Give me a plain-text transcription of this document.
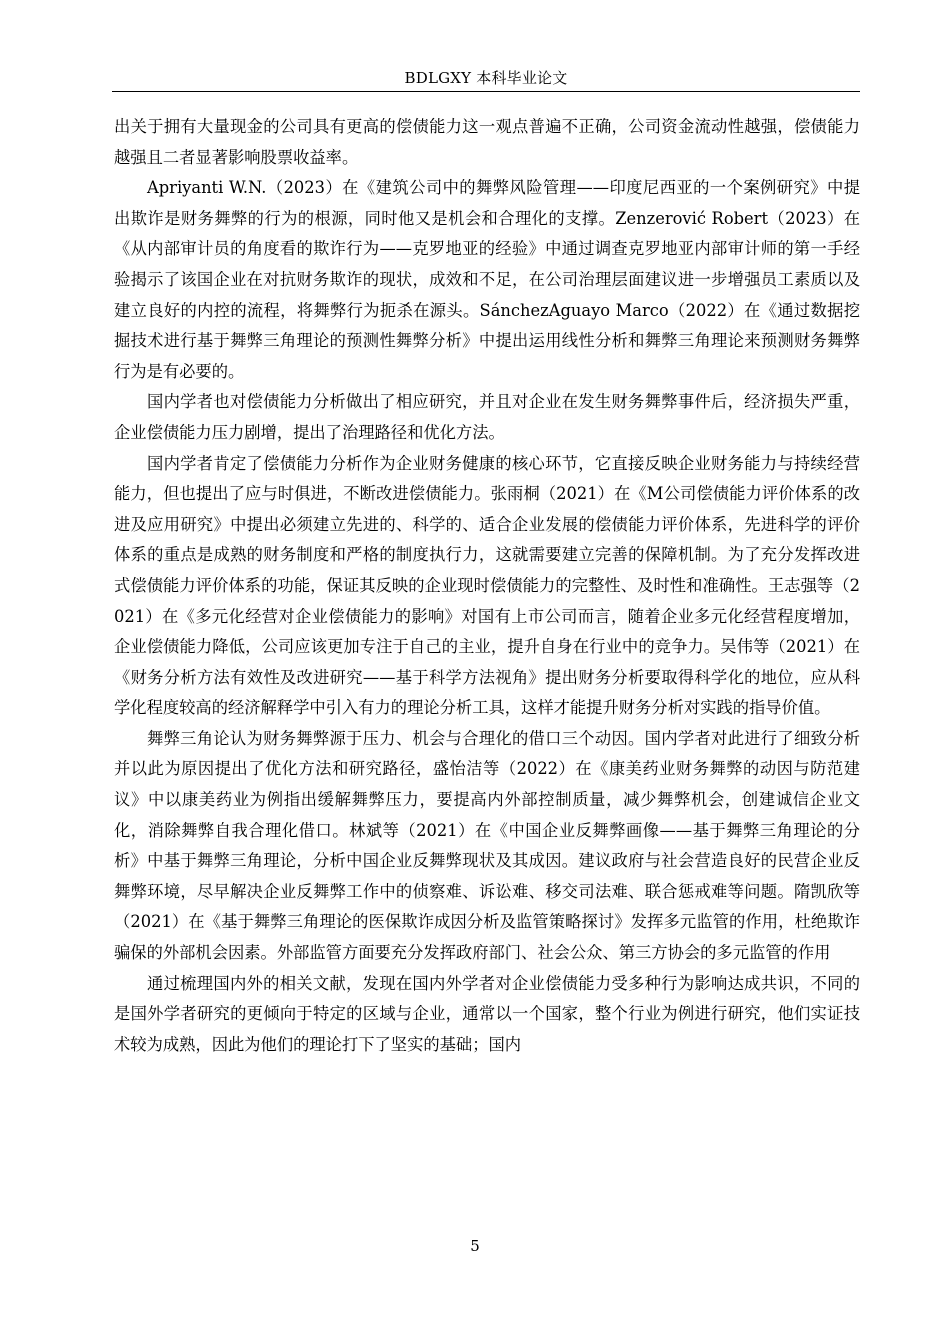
BDLGXY 本科毕业论文

出关于拥有大量现金的公司具有更高的偿债能力这一观点普遍不正确，公司资金流动性越强，偿债能力越强且二者显著影响股票收益率。

Apriyanti W.N.（2023）在《建筑公司中的舞弊风险管理——印度尼西亚的一个案例研究》中提出欺诈是财务舞弊的行为的根源，同时他又是机会和合理化的支撑。Zenzerović Robert（2023）在《从内部审计员的角度看的欺诈行为——克罗地亚的经验》中通过调查克罗地亚内部审计师的第一手经验揭示了该国企业在对抗财务欺诈的现状，成效和不足，在公司治理层面建议进一步增强员工素质以及建立良好的内控的流程，将舞弊行为扼杀在源头。SánchezAguayo Marco（2022）在《通过数据挖掘技术进行基于舞弊三角理论的预测性舞弊分析》中提出运用线性分析和舞弊三角理论来预测财务舞弊行为是有必要的。

国内学者也对偿债能力分析做出了相应研究，并且对企业在发生财务舞弊事件后，经济损失严重，企业偿债能力压力剧增，提出了治理路径和优化方法。

国内学者肯定了偿债能力分析作为企业财务健康的核心环节，它直接反映企业财务能力与持续经营能力，但也提出了应与时俱进，不断改进偿债能力。张雨桐（2021）在《M公司偿债能力评价体系的改进及应用研究》中提出必须建立先进的、科学的、适合企业发展的偿债能力评价体系，先进科学的评价体系的重点是成熟的财务制度和严格的制度执行力，这就需要建立完善的保障机制。为了充分发挥改进式偿债能力评价体系的功能，保证其反映的企业现时偿债能力的完整性、及时性和准确性。王志强等（2021）在《多元化经营对企业偿债能力的影响》对国有上市公司而言，随着企业多元化经营程度增加，企业偿债能力降低，公司应该更加专注于自己的主业，提升自身在行业中的竞争力。吴伟等（2021）在《财务分析方法有效性及改进研究——基于科学方法视角》提出财务分析要取得科学化的地位，应从科学化程度较高的经济解释学中引入有力的理论分析工具，这样才能提升财务分析对实践的指导价值。

舞弊三角论认为财务舞弊源于压力、机会与合理化的借口三个动因。国内学者对此进行了细致分析并以此为原因提出了优化方法和研究路径，盛怡洁等（2022）在《康美药业财务舞弊的动因与防范建议》中以康美药业为例指出缓解舞弊压力，要提高内外部控制质量，减少舞弊机会，创建诚信企业文化，消除舞弊自我合理化借口。林斌等（2021）在《中国企业反舞弊画像——基于舞弊三角理论的分析》中基于舞弊三角理论，分析中国企业反舞弊现状及其成因。建议政府与社会营造良好的民营企业反舞弊环境，尽早解决企业反舞弊工作中的侦察难、诉讼难、移交司法难、联合惩戒难等问题。隋凯欣等（2021）在《基于舞弊三角理论的医保欺诈成因分析及监管策略探讨》发挥多元监管的作用，杜绝欺诈骗保的外部机会因素。外部监管方面要充分发挥政府部门、社会公众、第三方协会的多元监管的作用

通过梳理国内外的相关文献，发现在国内外学者对企业偿债能力受多种行为影响达成共识，不同的是国外学者研究的更倾向于特定的区域与企业，通常以一个国家，整个行业为例进行研究，他们实证技术较为成熟，因此为他们的理论打下了坚实的基础；国内

5
